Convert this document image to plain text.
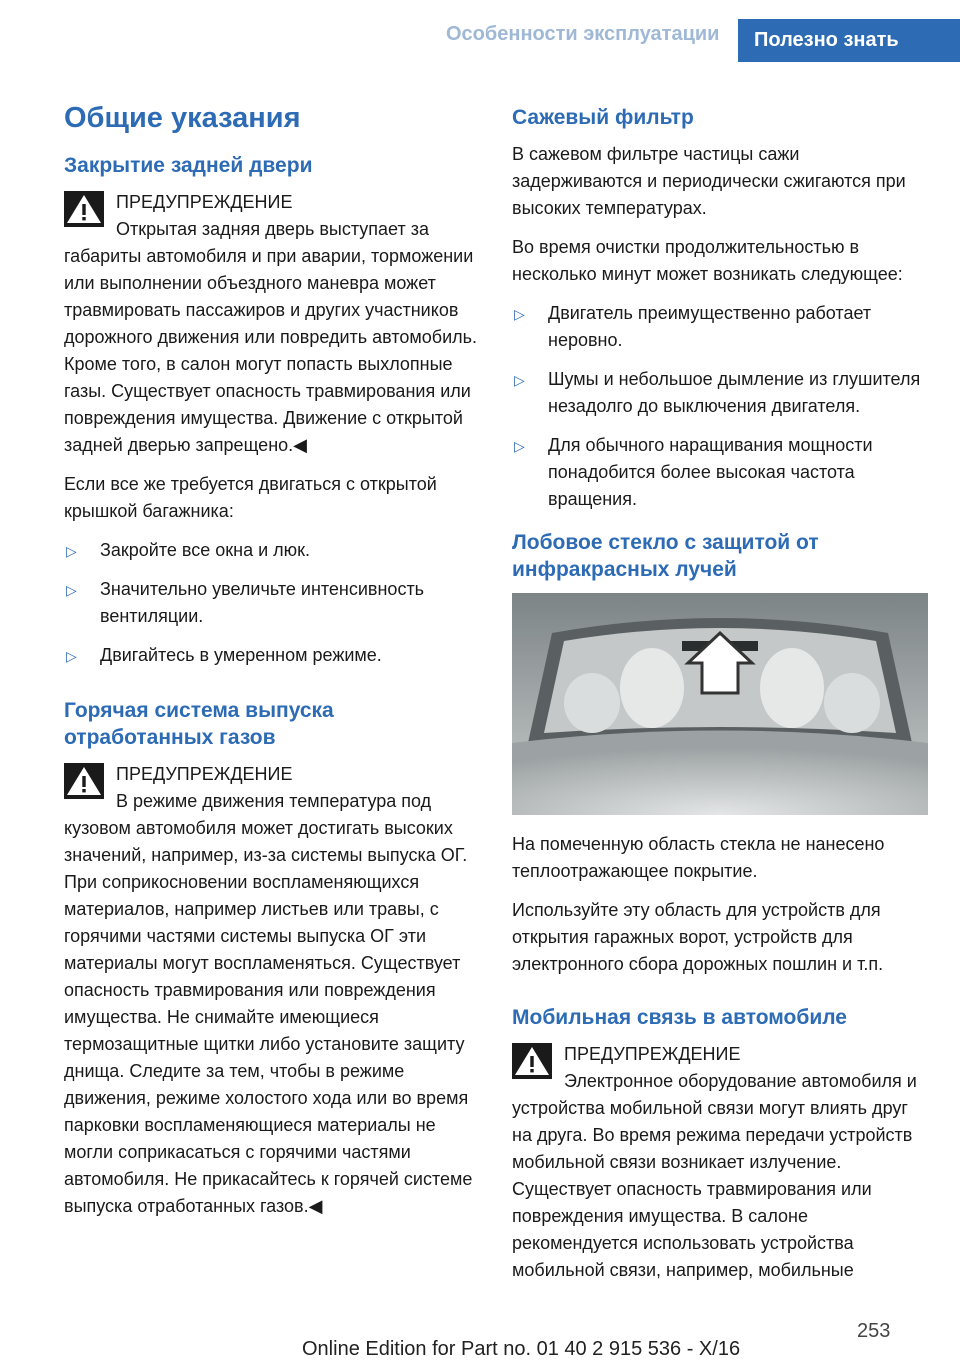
Особенности эксплуатации	Полезно знать
Общие указания
Закрытие задней двери
ПРЕДУПРЕЖДЕНИЕ

Открытая задняя дверь выступает за габариты автомобиля и при аварии, торможении или выполнении объездного маневра может травмировать пассажиров и других участников дорожного движения или повредить автомобиль. Кроме того, в салон могут попасть выхлопные газы. Существует опасность травмирования или повреждения имущества. Движение с открытой задней дверью запрещено.◀

Если все же требуется двигаться с открытой крышкой багажника:

▷ Закройте все окна и люк.
▷ Значительно увеличьте интенсивность вентиляции.
▷ Двигайтесь в умеренном режиме.
Горячая система выпуска отработанных газов
ПРЕДУПРЕЖДЕНИЕ

В режиме движения температура под кузовом автомобиля может достигать высоких значений, например, из-за системы выпуска ОГ. При соприкосновении воспламеняющихся материалов, например листьев или травы, с горячими частями системы выпуска ОГ эти материалы могут воспламеняться. Существует опасность травмирования или повреждения имущества. Не снимайте имеющиеся термозащитные щитки либо установите защиту днища. Следите за тем, чтобы в режиме движения, режиме холостого хода или во время парковки воспламеняющиеся материалы не могли соприкасаться с горячими частями автомобиля. Не прикасайтесь к горячей системе выпуска отработанных газов.◀

Сажевый фильтр

В сажевом фильтре частицы сажи задерживаются и периодически сжигаются при высоких температурах.

Во время очистки продолжительностью в несколько минут может возникать следующее:

▷ Двигатель преимущественно работает неровно.
▷ Шумы и небольшое дымление из глушителя незадолго до выключения двигателя.
▷ Для обычного наращивания мощности понадобится более высокая частота вращения.
Лобовое стекло с защитой от инфракрасных лучей

На помеченную область стекла не нанесено теплоотражающее покрытие.

Используйте эту область для устройств для открытия гаражных ворот, устройств для электронного сбора дорожных пошлин и т.п.

Мобильная связь в автомобиле
ПРЕДУПРЕЖДЕНИЕ

Электронное оборудование автомобиля и устройства мобильной связи могут влиять друг на друга. Во время режима передачи устройств мобильной связи возникает излучение. Существует опасность травмирования или повреждения имущества. В салоне рекомендуется использовать устройства мобильной связи, например, мобильные

253
Online Edition for Part no. 01 40 2 915 536 - X/16
